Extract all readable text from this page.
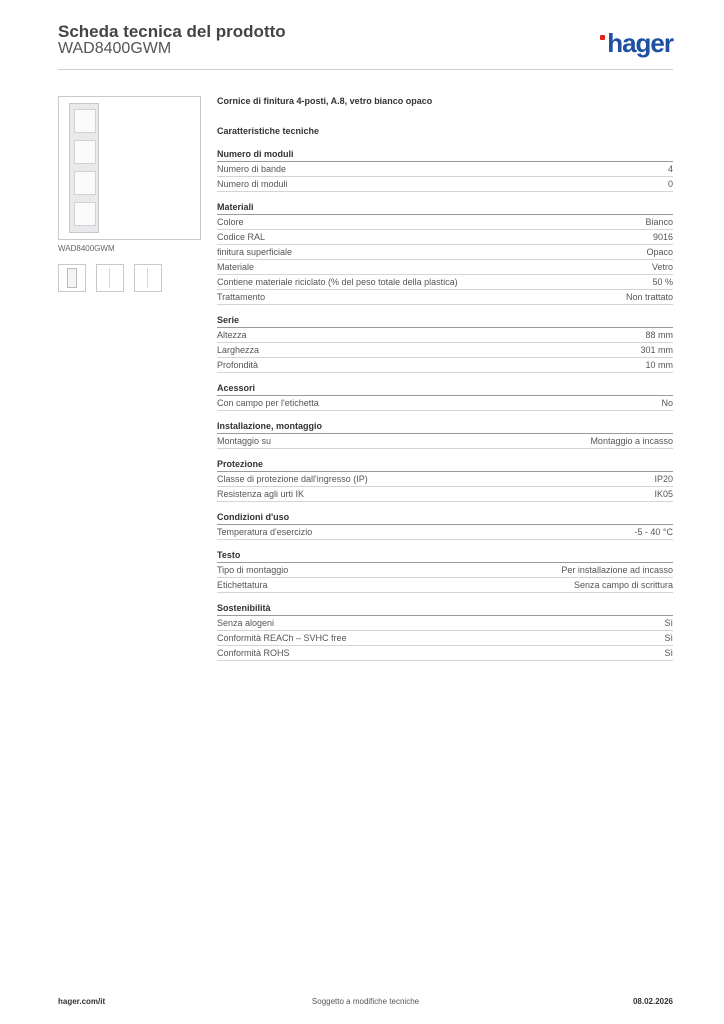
Scheda tecnica del prodotto
WAD8400GWM	hager
WAD8400GWM
Cornice di finitura 4-posti, A.8, vetro bianco opaco
Caratteristiche tecniche
Numero di moduli
Numero di bande	4
Numero di moduli	0
Materiali
Colore	Bianco
Codice RAL	9016
finitura superficiale	Opaco
Materiale	Vetro
Contiene materiale riciclato (% del peso totale della plastica)	50 %
Trattamento	Non trattato
Serie
Altezza	88 mm
Larghezza	301 mm
Profondità	10 mm
Acessori
Con campo per l'etichetta	No
Installazione, montaggio
Montaggio su	Montaggio a incasso
Protezione
Classe di protezione dall'ingresso (IP)	IP20
Resistenza agli urti IK	IK05
Condizioni d'uso
Temperatura d'esercizio	-5 - 40 °C
Testo
Tipo di montaggio	Per installazione ad incasso
Etichettatura	Senza campo di scrittura
Sostenibilità
Senza alogeni	Sì
Conformità REACh – SVHC free	Sì
Conformità ROHS	Sì
hager.com/it	Soggetto a modifiche tecniche	08.02.2026
